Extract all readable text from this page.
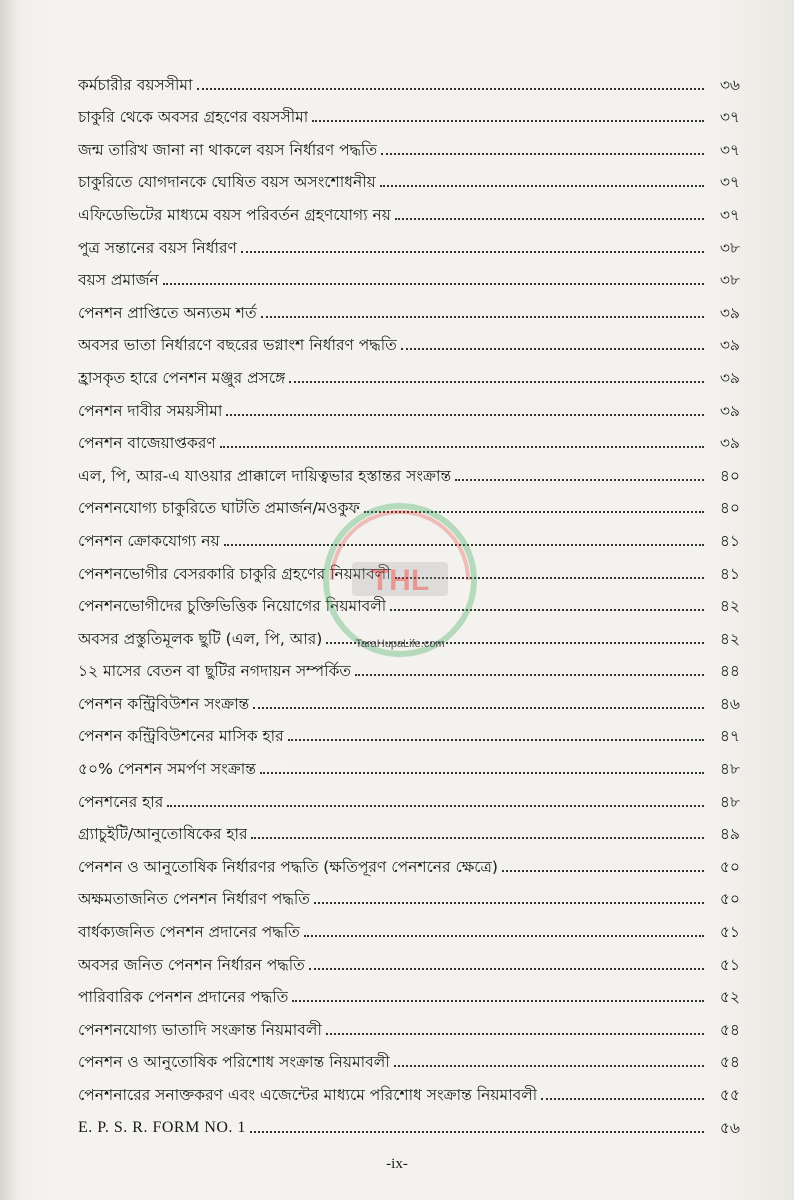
কর্মচারীর বয়সসীমা	৩৬
চাকুরি থেকে অবসর গ্রহণের বয়সসীমা	৩৭
জন্ম তারিখ জানা না থাকলে বয়স নির্ধারণ পদ্ধতি	৩৭
চাকুরিতে যোগদানকে ঘোষিত বয়স অসংশোধনীয়	৩৭
এফিডেভিটের মাধ্যমে বয়স পরিবর্তন গ্রহণযোগ্য নয়	৩৭
পুত্র সন্তানের বয়স নির্ধারণ	৩৮
বয়স প্রমার্জন	৩৮
পেনশন প্রাপ্তিতে অন্যতম শর্ত	৩৯
অবসর ভাতা নির্ধারণে বছরের ভগ্নাংশ নির্ধারণ পদ্ধতি	৩৯
হ্রাসকৃত হারে পেনশন মঞ্জুর প্রসঙ্গে	৩৯
পেনশন দাবীর সময়সীমা	৩৯
পেনশন বাজেয়াপ্তকরণ	৩৯
এল, পি, আর-এ যাওয়ার প্রাক্কালে দায়িত্বভার হস্তান্তর সংক্রান্ত	৪০
পেনশনযোগ্য চাকুরিতে ঘাটতি প্রমার্জন/মওকুফ	৪০
পেনশন ক্রোকযোগ্য নয়	৪১
পেনশনভোগীর বেসরকারি চাকুরি গ্রহণের নিয়মাবলী	৪১
পেনশনভোগীদের চুক্তিভিত্তিক নিয়োগের নিয়মাবলী	৪২
অবসর প্রস্তুতিমূলক ছুটি (এল, পি, আর)	৪২
১২ মাসের বেতন বা ছুটির নগদায়ন সম্পর্কিত	৪৪
পেনশন কন্ট্রিবিউশন সংক্রান্ত	৪৬
পেনশন কন্ট্রিবিউশনের মাসিক হার	৪৭
৫০% পেনশন সমর্পণ সংক্রান্ত	৪৮
পেনশনের হার	৪৮
গ্র্যাচুইটি/আনুতোষিকের হার	৪৯
পেনশন ও আনুতোষিক নির্ধারণর পদ্ধতি (ক্ষতিপূরণ পেনশনের ক্ষেত্রে)	৫০
অক্ষমতাজনিত পেনশন নির্ধারণ পদ্ধতি	৫০
বার্ধক্যজনিত পেনশন প্রদানের পদ্ধতি	৫১
অবসর জনিত পেনশন নির্ধারন পদ্ধতি	৫১
পারিবারিক পেনশন প্রদানের পদ্ধতি	৫২
পেনশনযোগ্য ভাতাদি সংক্রান্ত নিয়মাবলী	৫৪
পেনশন ও আনুতোষিক পরিশোধ সংক্রান্ত নিয়মাবলী	৫৪
পেনশনারের সনাক্তকরণ এবং এজেন্টের মাধ্যমে পরিশোধ সংক্রান্ত নিয়মাবলী	৫৫
E. P. S. R. FORM NO. 1	৫৬
THL
TaraHupaLife.com
-ix-
